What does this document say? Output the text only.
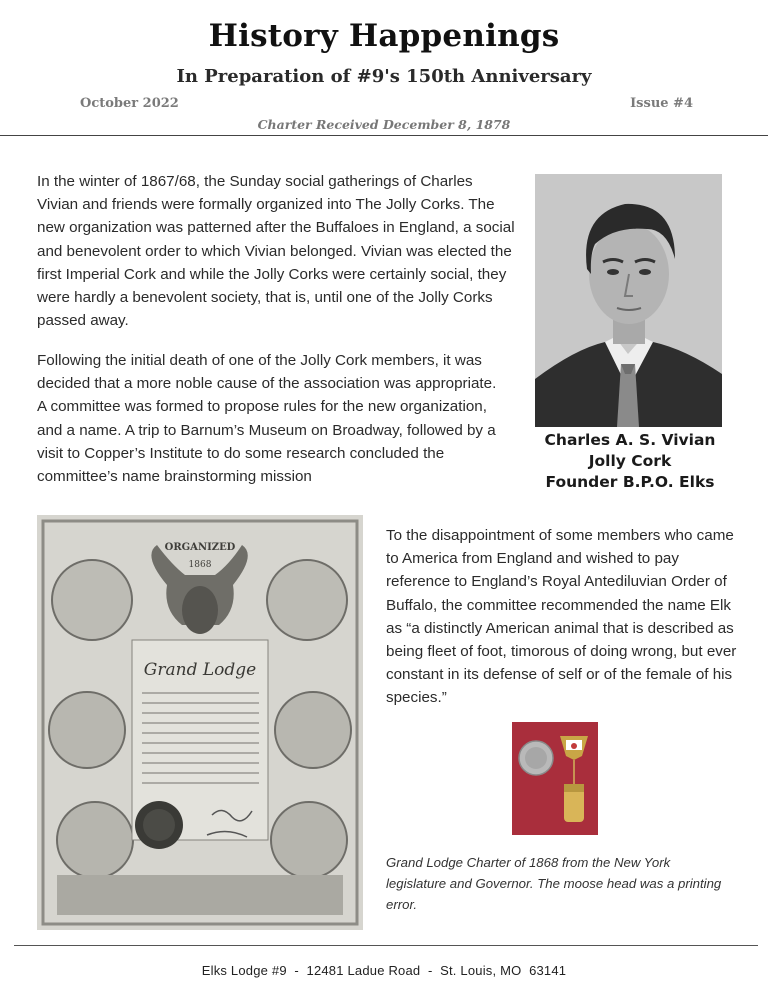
History Happenings
In Preparation of #9's 150th Anniversary
October 2022	Issue #4
Charter Received December 8, 1878

In the winter of 1867/68, the Sunday social gatherings of Charles Vivian and friends were formally organized into The Jolly Corks. The new organization was patterned after the Buffaloes in England, a social and benevolent order to which Vivian belonged. Vivian was elected the first Imperial Cork and while the Jolly Corks were certainly social, they were hardly a benevolent society, that is, until one of the Jolly Corks passed away.

Following the initial death of one of the Jolly Cork members, it was decided that a more noble cause of the association was appropriate. A committee was formed to propose rules for the new organization, and a name. A trip to Barnum’s Museum on Broadway, followed by a visit to Copper’s Institute to do some research concluded the committee’s name brainstorming mission

Charles A. S. Vivian
Jolly Cork
Founder B.P.O. Elks
ORGANIZED
1868
Grand Lodge

To the disappointment of some members who came to America from England and wished to pay reference to England’s Royal Antediluvian Order of Buffalo, the committee recommended the name Elk as “a distinctly American animal that is described as being fleet of foot, timorous of doing wrong, but ever constant in its defense of self or of the female of his species.”

Grand Lodge Charter of 1868 from the New York legislature and Governor. The moose head was a printing error.
Elks Lodge #9  -  12481 Ladue Road  -  St. Louis, MO  63141
